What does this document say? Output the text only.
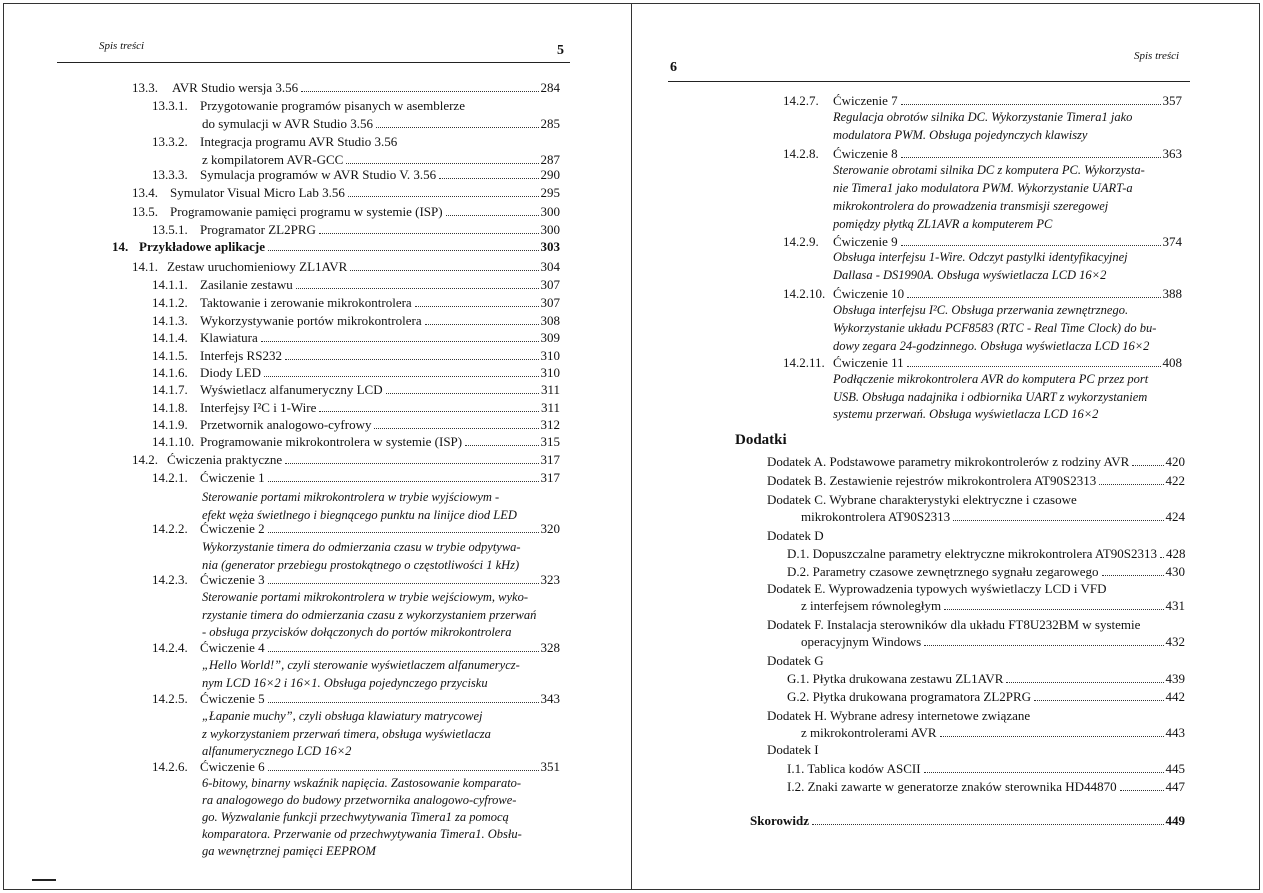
Spis treści	5
13.3.	AVR Studio wersja 3.56	284
13.3.1. Przygotowanie programów pisanych w asemblerze
do symulacji w AVR Studio 3.56	285
13.3.2. Integracja programu AVR Studio 3.56
z kompilatorem AVR-GCC	287
13.3.3. Symulacja programów w AVR Studio V. 3.56	290
13.4. Symulator Visual Micro Lab 3.56	295
13.5. Programowanie pamięci programu w systemie (ISP)	300
13.5.1. Programator ZL2PRG	300
14. Przykładowe aplikacje	303
14.1. Zestaw uruchomieniowy ZL1AVR	304
14.1.1. Zasilanie zestawu	307
14.1.2. Taktowanie i zerowanie mikrokontrolera	307
14.1.3. Wykorzystywanie portów mikrokontrolera	308
14.1.4. Klawiatura	309
14.1.5. Interfejs RS232	310
14.1.6. Diody LED	310
14.1.7. Wyświetlacz alfanumeryczny LCD	311
14.1.8. Interfejsy I²C i 1-Wire	311
14.1.9. Przetwornik analogowo-cyfrowy	312
14.1.10. Programowanie mikrokontrolera w systemie (ISP)	315
14.2. Ćwiczenia praktyczne	317
14.2.1. Ćwiczenie 1	317
Sterowanie portami mikrokontrolera w trybie wyjściowym -
efekt węża świetlnego i biegnącego punktu na linijce diod LED
14.2.2. Ćwiczenie 2	320
Wykorzystanie timera do odmierzania czasu w trybie odpytywa-
nia (generator przebiegu prostokątnego o częstotliwości 1 kHz)
14.2.3. Ćwiczenie 3	323
Sterowanie portami mikrokontrolera w trybie wejściowym, wyko-
rzystanie timera do odmierzania czasu z wykorzystaniem przerwań
- obsługa przycisków dołączonych do portów mikrokontrolera
14.2.4. Ćwiczenie 4	328
„Hello World!”, czyli sterowanie wyświetlaczem alfanumerycz-
nym LCD 16×2 i 16×1. Obsługa pojedynczego przycisku
14.2.5. Ćwiczenie 5	343
„Łapanie muchy”, czyli obsługa klawiatury matrycowej
z wykorzystaniem przerwań timera, obsługa wyświetlacza
alfanumerycznego LCD 16×2
14.2.6. Ćwiczenie 6	351
6-bitowy, binarny wskaźnik napięcia. Zastosowanie komparato-
ra analogowego do budowy przetwornika analogowo-cyfrowe-
go. Wyzwalanie funkcji przechwytywania Timera1 za pomocą
komparatora. Przerwanie od przechwytywania Timera1. Obsłu-
ga wewnętrznej pamięci EEPROM
Spis treści
6
Dodatki
14.2.7.	Ćwiczenie 7	357
Regulacja obrotów silnika DC. Wykorzystanie Timera1 jako
modulatora PWM. Obsługa pojedynczych klawiszy
14.2.8.	Ćwiczenie 8	363
Sterowanie obrotami silnika DC z komputera PC. Wykorzysta-
nie Timera1 jako modulatora PWM. Wykorzystanie UART-a
mikrokontrolera do prowadzenia transmisji szeregowej
pomiędzy płytką ZL1AVR a komputerem PC
14.2.9.	Ćwiczenie 9	374
Obsługa interfejsu 1-Wire. Odczyt pastylki identyfikacyjnej
Dallasa - DS1990A. Obsługa wyświetlacza LCD 16×2
14.2.10. Ćwiczenie 10	388
Obsługa interfejsu I²C. Obsługa przerwania zewnętrznego.
Wykorzystanie układu PCF8583 (RTC - Real Time Clock) do bu-
dowy zegara 24-godzinnego. Obsługa wyświetlacza LCD 16×2
14.2.11. Ćwiczenie 11	408
Podłączenie mikrokontrolera AVR do komputera PC przez port
USB. Obsługa nadajnika i odbiornika UART z wykorzystaniem
systemu przerwań. Obsługa wyświetlacza LCD 16×2
Dodatek A. Podstawowe parametry mikrokontrolerów z rodziny AVR	420
Dodatek B. Zestawienie rejestrów mikrokontrolera AT90S2313	422
Dodatek C. Wybrane charakterystyki elektryczne i czasowe
mikrokontrolera AT90S2313	424
Dodatek D
D.1. Dopuszczalne parametry elektryczne mikrokontrolera AT90S2313 428
D.2. Parametry czasowe zewnętrznego sygnału zegarowego	430
Dodatek E. Wyprowadzenia typowych wyświetlaczy LCD i VFD
z interfejsem równoległym	431
Dodatek F. Instalacja sterowników dla układu FT8U232BM w systemie
operacyjnym Windows	432
Dodatek G
G.1. Płytka drukowana zestawu ZL1AVR	439
G.2. Płytka drukowana programatora ZL2PRG	442
Dodatek H. Wybrane adresy internetowe związane
z mikrokontrolerami AVR	443
Dodatek I
I.1. Tablica kodów ASCII	445
I.2. Znaki zawarte w generatorze znaków sterownika HD44870	447
Skorowidz	449
